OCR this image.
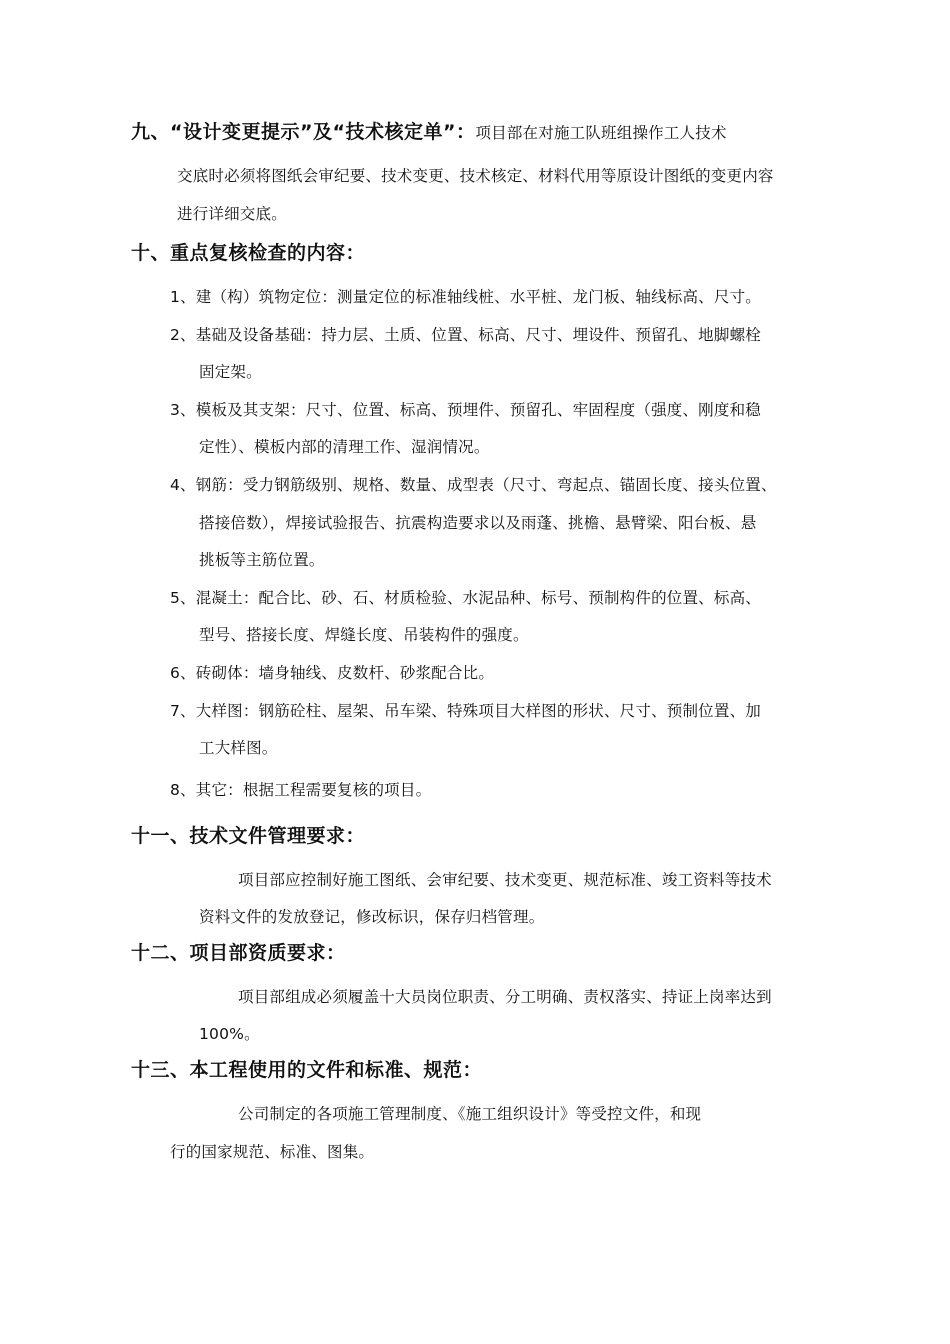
九、“设计变更提示”及“技术核定单”：项目部在对施工队班组操作工人技术
交底时必须将图纸会审纪要、技术变更、技术核定、材料代用等原设计图纸的变更内容
进行详细交底。
十、重点复核检查的内容：
1、建（构）筑物定位：测量定位的标准轴线桩、水平桩、龙门板、轴线标高、尺寸。
2、基础及设备基础：持力层、土质、位置、标高、尺寸、埋设件、预留孔、地脚螺栓
固定架。
3、模板及其支架：尺寸、位置、标高、预埋件、预留孔、牢固程度（强度、刚度和稳
定性）、模板内部的清理工作、湿润情况。
4、钢筋：受力钢筋级别、规格、数量、成型表（尺寸、弯起点、锚固长度、接头位置、
搭接倍数），焊接试验报告、抗震构造要求以及雨蓬、挑檐、悬臂梁、阳台板、悬
挑板等主筋位置。
5、混凝土：配合比、砂、石、材质检验、水泥品种、标号、预制构件的位置、标高、
型号、搭接长度、焊缝长度、吊装构件的强度。
6、砖砌体：墙身轴线、皮数杆、砂浆配合比。
7、大样图：钢筋砼柱、屋架、吊车梁、特殊项目大样图的形状、尺寸、预制位置、加
工大样图。
8、其它：根据工程需要复核的项目。
十一、技术文件管理要求：
项目部应控制好施工图纸、会审纪要、技术变更、规范标准、竣工资料等技术
资料文件的发放登记，修改标识，保存归档管理。
十二、项目部资质要求：
项目部组成必须履盖十大员岗位职责、分工明确、责权落实、持证上岗率达到
100%。
十三、本工程使用的文件和标准、规范：
公司制定的各项施工管理制度、《施工组织设计》等受控文件，和现
行的国家规范、标准、图集。
